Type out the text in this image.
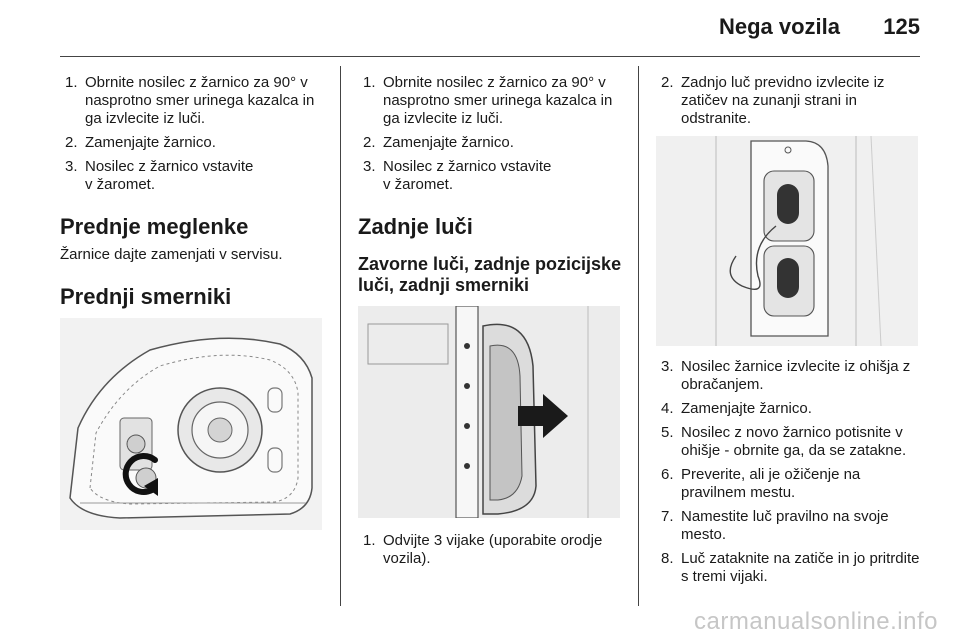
Nega vozila 125
1. Obrnite nosilec z žarnico za 90° v nasprotno smer urinega kazalca in ga izvlecite iz luči.
2. Zamenjajte žarnico.
3. Nosilec z žarnico vstavite v žaromet.
Prednje meglenke

Žarnice dajte zamenjati v servisu.

Prednji smerniki
1. Obrnite nosilec z žarnico za 90° v nasprotno smer urinega kazalca in ga izvlecite iz luči.
2. Zamenjajte žarnico.
3. Nosilec z žarnico vstavite v žaromet.
Zadnje luči
Zavorne luči, zadnje pozicijske luči, zadnji smerniki
1. Odvijte 3 vijake (uporabite orodje vozila).
2. Zadnjo luč previdno izvlecite iz zatičev na zunanji strani in odstranite.
3. Nosilec žarnice izvlecite iz ohišja z obračanjem.
4. Zamenjajte žarnico.
5. Nosilec z novo žarnico potisnite v ohišje - obrnite ga, da se zatakne.
6. Preverite, ali je ožičenje na pravilnem mestu.
7. Namestite luč pravilno na svoje mesto.
8. Luč zataknite na zatiče in jo pritrdite s tremi vijaki.
carmanualsonline.info
